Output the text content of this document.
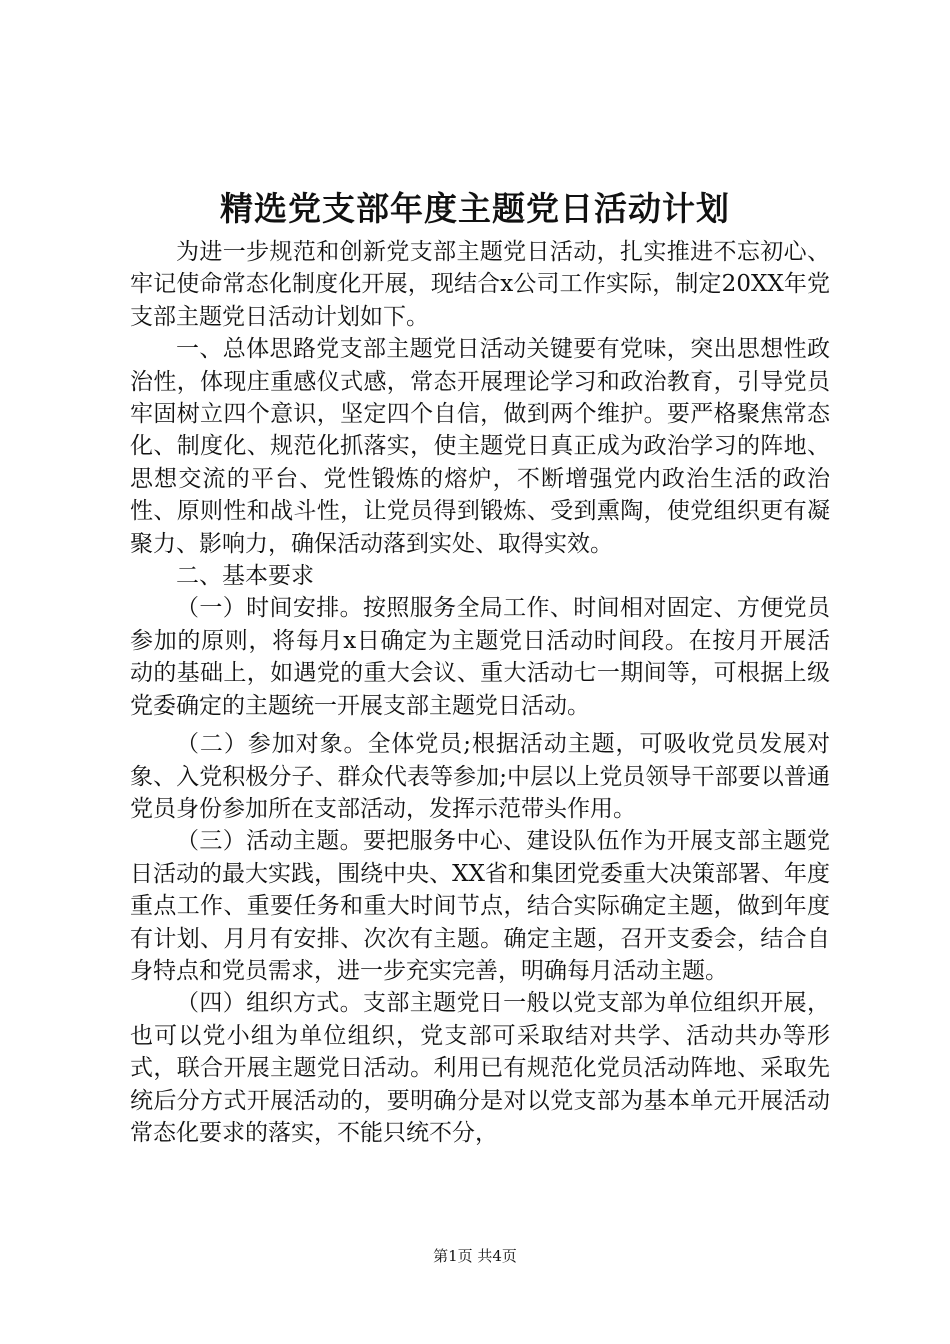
精选党支部年度主题党日活动计划

为进一步规范和创新党支部主题党日活动，扎实推进不忘初心、牢记使命常态化制度化开展，现结合x公司工作实际，制定20XX年党支部主题党日活动计划如下。

一、总体思路党支部主题党日活动关键要有党味，突出思想性政治性，体现庄重感仪式感，常态开展理论学习和政治教育，引导党员牢固树立四个意识，坚定四个自信，做到两个维护。要严格聚焦常态化、制度化、规范化抓落实，使主题党日真正成为政治学习的阵地、思想交流的平台、党性锻炼的熔炉，不断增强党内政治生活的政治性、原则性和战斗性，让党员得到锻炼、受到熏陶，使党组织更有凝聚力、影响力，确保活动落到实处、取得实效。

二、基本要求

（一）时间安排。按照服务全局工作、时间相对固定、方便党员参加的原则，将每月x日确定为主题党日活动时间段。在按月开展活动的基础上，如遇党的重大会议、重大活动七一期间等，可根据上级党委确定的主题统一开展支部主题党日活动。

（二）参加对象。全体党员;根据活动主题，可吸收党员发展对象、入党积极分子、群众代表等参加;中层以上党员领导干部要以普通党员身份参加所在支部活动，发挥示范带头作用。

（三）活动主题。要把服务中心、建设队伍作为开展支部主题党日活动的最大实践，围绕中央、XX省和集团党委重大决策部署、年度重点工作、重要任务和重大时间节点，结合实际确定主题，做到年度有计划、月月有安排、次次有主题。确定主题，召开支委会，结合自身特点和党员需求，进一步充实完善，明确每月活动主题。

（四）组织方式。支部主题党日一般以党支部为单位组织开展，也可以党小组为单位组织，党支部可采取结对共学、活动共办等形式，联合开展主题党日活动。利用已有规范化党员活动阵地、采取先统后分方式开展活动的，要明确分是对以党支部为基本单元开展活动常态化要求的落实，不能只统不分，

第1页 共4页
